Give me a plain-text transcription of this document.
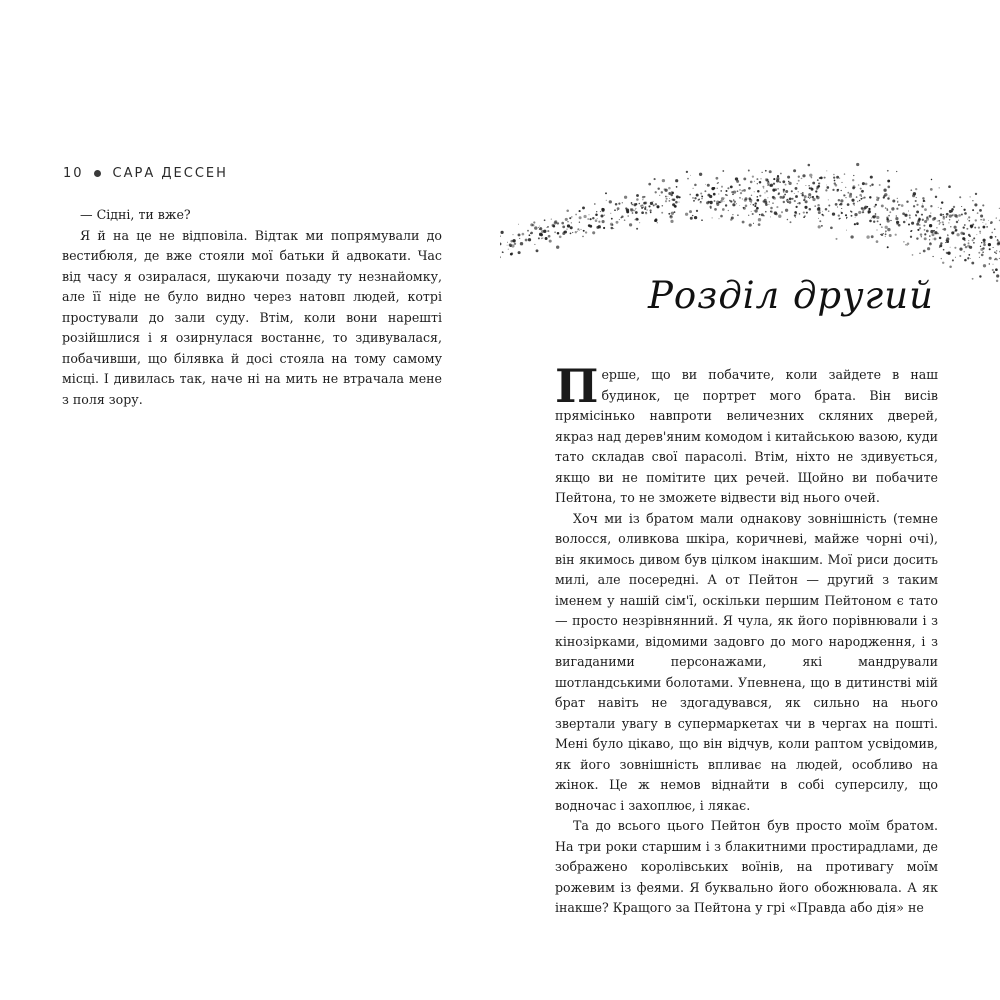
10 САРА ДЕССЕН

— Сідні, ти вже?

Я й на це не відповіла. Відтак ми попрямували до вестибюля, де вже стояли мої батьки й адвокати. Час від часу я озиралася, шукаючи позаду ту незнайомку, але її ніде не було видно через натовп людей, котрі простували до зали суду. Втім, коли вони нарешті розійшлися і я озирнулася востаннє, то здивувалася, побачивши, що білявка й досі стояла на тому самому місці. І дивилась так, наче ні на мить не втрачала мене з поля зору.

Розділ другий

Перше, що ви побачите, коли зайдете в наш будинок, це портрет мого брата. Він висів прямісінько навпроти величезних скляних дверей, якраз над дерев'яним комодом і китайською вазою, куди тато складав свої парасолі. Втім, ніхто не здивується, якщо ви не помітите цих речей. Щойно ви побачите Пейтона, то не зможете відвести від нього очей.

Хоч ми із братом мали однакову зовнішність (темне волосся, оливкова шкіра, коричневі, майже чорні очі), він якимось дивом був цілком інакшим. Мої риси досить милі, але посередні. А от Пейтон — другий з таким іменем у нашій сім'ї, оскільки першим Пейтоном є тато — просто незрівнянний. Я чула, як його порівнювали і з кінозірками, відомими задовго до мого народження, і з вигаданими персонажами, які мандрували шотландськими болотами. Упевнена, що в дитинстві мій брат навіть не здогадувався, як сильно на нього звертали увагу в супермаркетах чи в чергах на пошті. Мені було цікаво, що він відчув, коли раптом усвідомив, як його зовнішність впливає на людей, особливо на жінок. Це ж немов віднайти в собі суперсилу, що водночас і захоплює, і лякає.

Та до всього цього Пейтон був просто моїм братом. На три роки старшим і з блакитними простирадлами, де зображено королівських воїнів, на противагу моїм рожевим із феями. Я буквально його обожнювала. А як інакше? Кращого за Пейтона у грі «Правда або дія» не
